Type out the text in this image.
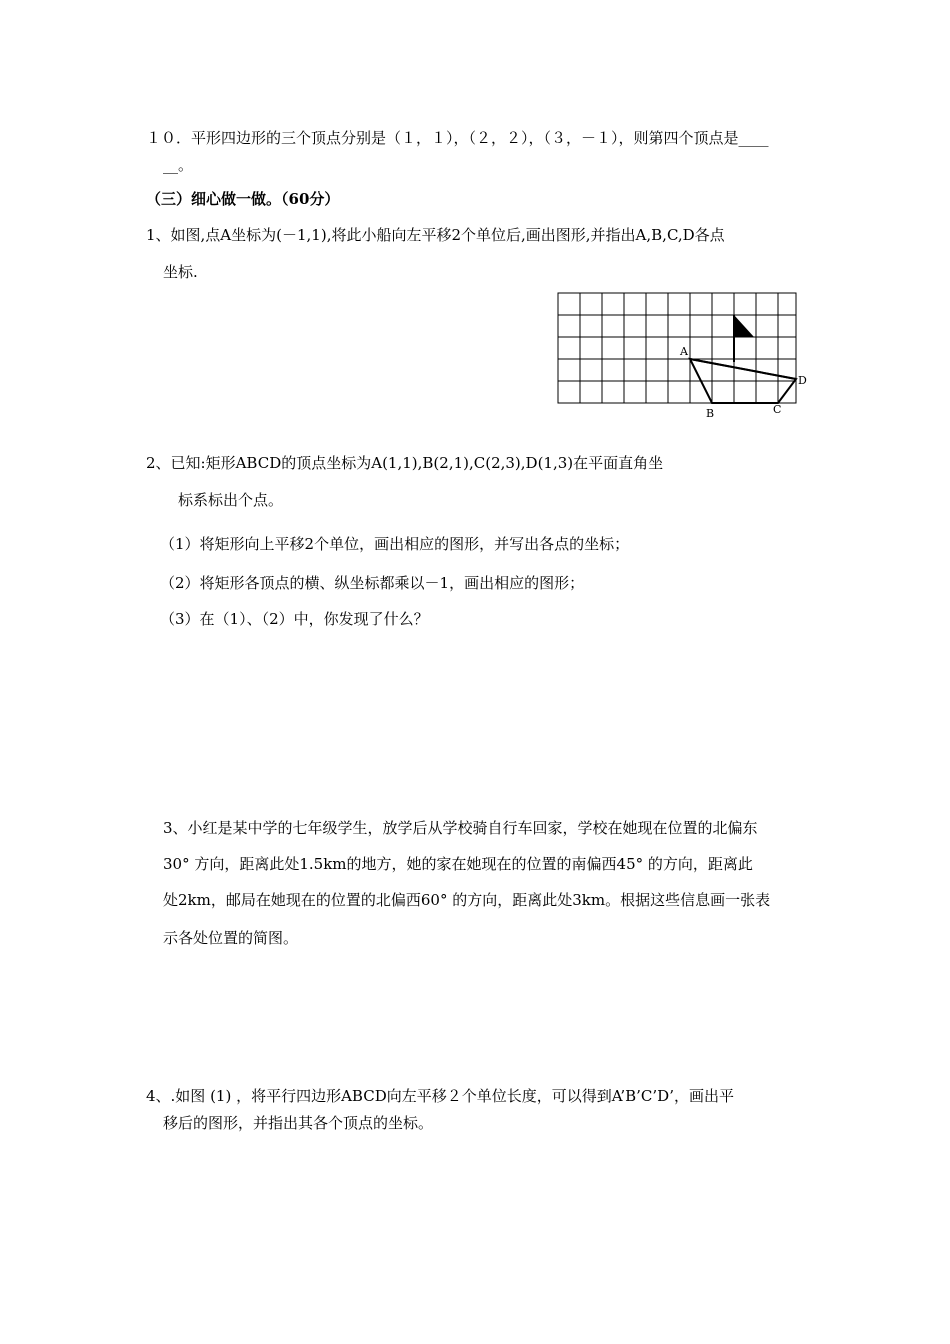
１０．平形四边形的三个顶点分别是（１，１），（２，２），（３，－１），则第四个顶点是____
__。
（三）细心做一做。（60分）
1、如图,点A坐标为(－1,1),将此小船向左平移2个单位后,画出图形,并指出A,B,C,D各点
坐标.
A
B	C
D
2、已知:矩形ABCD的顶点坐标为A(1,1),B(2,1),C(2,3),D(1,3)在平面直角坐
标系标出个点。
（1）将矩形向上平移2个单位，画出相应的图形，并写出各点的坐标；
（2）将矩形各顶点的横、纵坐标都乘以－1，画出相应的图形；
（3）在（1）、（2）中，你发现了什么？
3、小红是某中学的七年级学生，放学后从学校骑自行车回家，学校在她现在位置的北偏东
30° 方向，距离此处1.5km的地方，她的家在她现在的位置的南偏西45° 的方向，距离此
处2km，邮局在她现在的位置的北偏西60° 的方向，距离此处3km。根据这些信息画一张表
示各处位置的简图。
4、.如图 (1) ，将平行四边形ABCD向左平移２个单位长度，可以得到A’B’C’D’，画出平
移后的图形，并指出其各个顶点的坐标。
